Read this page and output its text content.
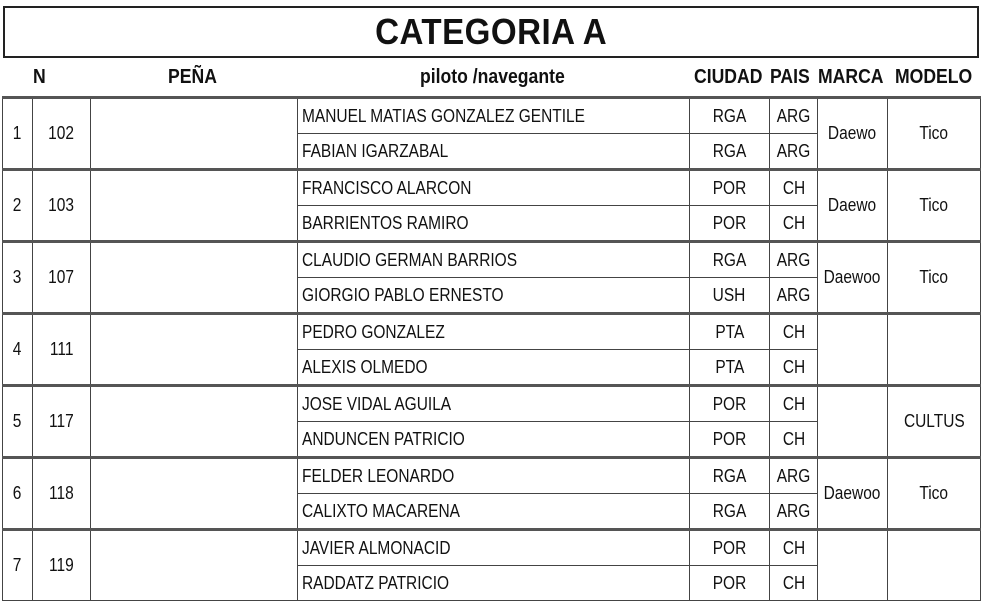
CATEGORIA A
N	PEÑA	piloto /navegante	CIUDAD PAIS MARCA MODELO
1	102		MANUEL MATIAS GONZALEZ GENTILE	RGA	ARG	Daewo	Tico
			FABIAN IGARZABAL	RGA	ARG		
2	103		FRANCISCO ALARCON	POR	CH	Daewo	Tico
			BARRIENTOS RAMIRO	POR	CH		
3	107		CLAUDIO GERMAN BARRIOS	RGA	ARG	Daewoo	Tico
			GIORGIO PABLO ERNESTO	USH	ARG		
4	111		PEDRO GONZALEZ	PTA	CH		
			ALEXIS OLMEDO	PTA	CH		
5	117		JOSE VIDAL AGUILA	POR	CH		CULTUS
			ANDUNCEN PATRICIO	POR	CH		
6	118		FELDER LEONARDO	RGA	ARG	Daewoo	Tico
			CALIXTO MACARENA	RGA	ARG		
7	119		JAVIER ALMONACID	POR	CH		
			RADDATZ PATRICIO	POR	CH		
